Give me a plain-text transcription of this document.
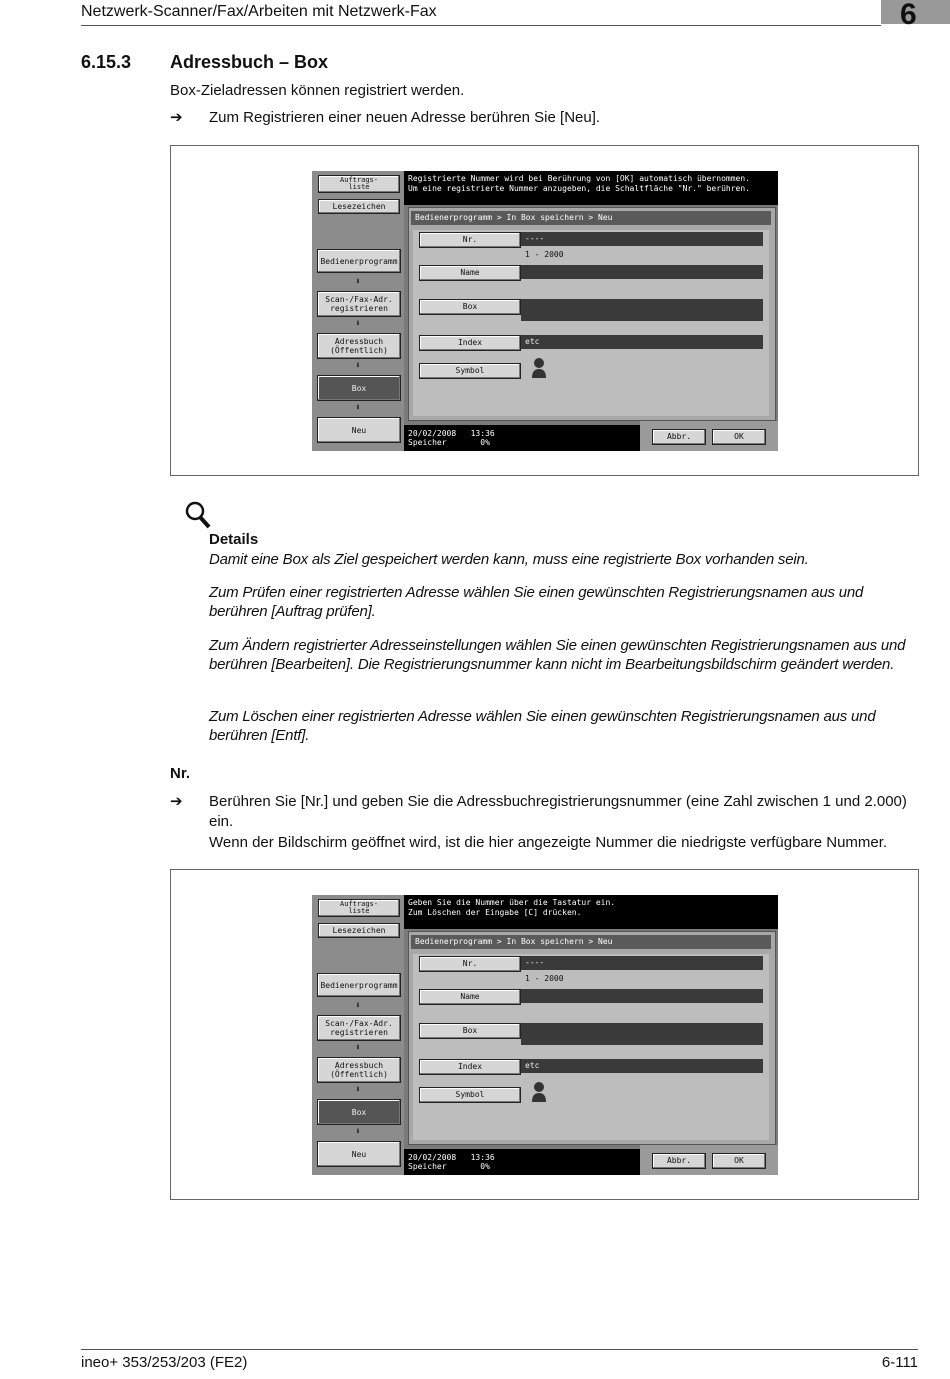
Netzwerk-Scanner/Fax/Arbeiten mit Netzwerk-Fax	6
6.15.3 Adressbuch – Box
Box-Zieladressen können registriert werden.
➔ Zum Registrieren einer neuen Adresse berühren Sie [Neu].
Auftrags-
liste
Lesezeichen
Bedienerprogramm
⬇
Scan-/Fax-Adr.
registrieren
⬇
Adressbuch
(Öffentlich)
⬇
Box
⬇
Neu
Registrierte Nummer wird bei Berührung von [OK] automatisch übernommen.
Um eine registrierte Nummer anzugeben, die Schaltfläche "Nr." berühren.
Bedienerprogramm > In Box speichern > Neu
Nr.	----
1 - 2000
Name
Box
Index	etc
Symbol
20/02/2008   13:36
Speicher       0%
Abbr.	OK
Details
Damit eine Box als Ziel gespeichert werden kann, muss eine registrierte Box vorhanden sein.
Zum Prüfen einer registrierten Adresse wählen Sie einen gewünschten Registrierungsnamen aus und berühren [Auftrag prüfen].
Zum Ändern registrierter Adresseinstellungen wählen Sie einen gewünschten Registrierungsnamen aus und berühren [Bearbeiten]. Die Registrierungsnummer kann nicht im Bearbeitungsbildschirm geändert werden.
Zum Löschen einer registrierten Adresse wählen Sie einen gewünschten Registrierungsnamen aus und berühren [Entf].
Nr.
➔ Berühren Sie [Nr.] und geben Sie die Adressbuchregistrierungsnummer (eine Zahl zwischen 1 und 2.000) ein.
Wenn der Bildschirm geöffnet wird, ist die hier angezeigte Nummer die niedrigste verfügbare Nummer.
Auftrags-
liste
Lesezeichen
Bedienerprogramm
⬇
Scan-/Fax-Adr.
registrieren
⬇
Adressbuch
(Öffentlich)
⬇
Box
⬇
Neu
Geben Sie die Nummer über die Tastatur ein.
Zum Löschen der Eingabe [C] drücken.
Bedienerprogramm > In Box speichern > Neu
Nr.	----
1 - 2000
Name
Box
Index	etc
Symbol
20/02/2008   13:36
Speicher       0%
Abbr.	OK
ineo+ 353/253/203 (FE2)	6-111
